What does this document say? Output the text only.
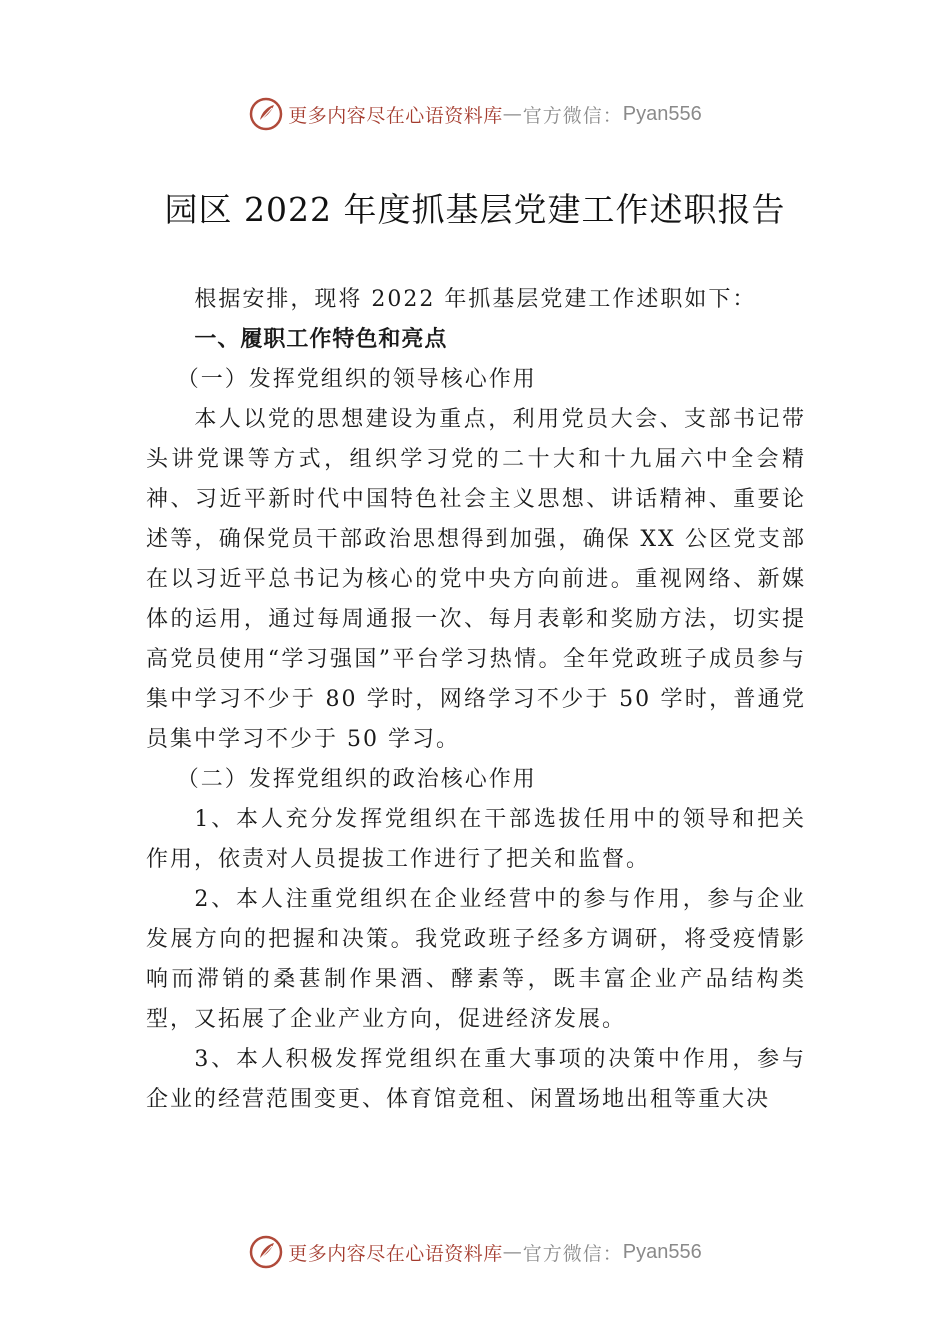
更多内容尽在心语资料库 — 官方微信： Pyan556
园区 2022 年度抓基层党建工作述职报告

根据安排，现将 2022 年抓基层党建工作述职如下：

一、履职工作特色和亮点

（一）发挥党组织的领导核心作用

本人以党的思想建设为重点，利用党员大会、支部书记带头讲党课等方式，组织学习党的二十大和十九届六中全会精神、习近平新时代中国特色社会主义思想、讲话精神、重要论述等，确保党员干部政治思想得到加强，确保 XX 公区党支部在以习近平总书记为核心的党中央方向前进。重视网络、新媒体的运用，通过每周通报一次、每月表彰和奖励方法，切实提高党员使用“学习强国”平台学习热情。全年党政班子成员参与集中学习不少于 80 学时，网络学习不少于 50 学时，普通党员集中学习不少于 50 学习。

（二）发挥党组织的政治核心作用

1、本人充分发挥党组织在干部选拔任用中的领导和把关作用，依责对人员提拔工作进行了把关和监督。

2、本人注重党组织在企业经营中的参与作用，参与企业发展方向的把握和决策。我党政班子经多方调研，将受疫情影响而滞销的桑葚制作果酒、酵素等，既丰富企业产品结构类型，又拓展了企业产业方向，促进经济发展。

3、本人积极发挥党组织在重大事项的决策中作用，参与企业的经营范围变更、体育馆竞租、闲置场地出租等重大决

更多内容尽在心语资料库 — 官方微信： Pyan556
